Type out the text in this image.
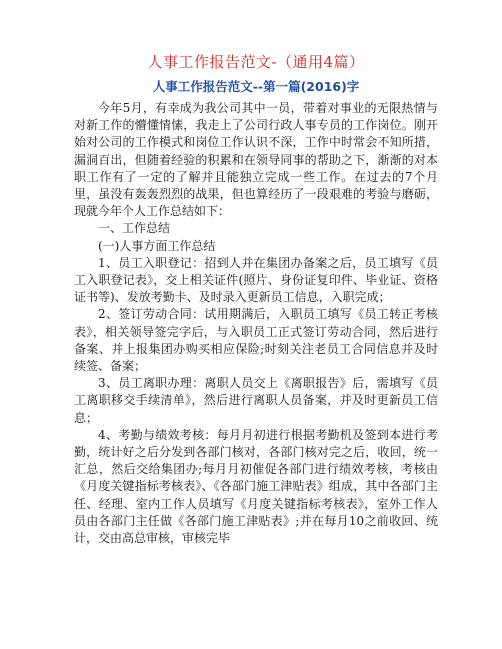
人事工作报告范文-（通用4篇）
人事工作报告范文--第一篇(2016)字

今年5月，有幸成为我公司其中一员，带着对事业的无限热情与对新工作的懵懂情愫，我走上了公司行政人事专员的工作岗位。刚开始对公司的工作模式和岗位工作认识不深，工作中时常会不知所措，漏洞百出，但随着经验的积累和在领导同事的帮助之下，渐渐的对本职工作有了一定的了解并且能独立完成一些工作。在过去的7个月里，虽没有轰轰烈烈的战果，但也算经历了一段艰难的考验与磨砺，现就今年个人工作总结如下：

一、工作总结

(一)人事方面工作总结

1、员工入职登记：招到人并在集团办备案之后，员工填写《员工入职登记表》，交上相关证件(照片、身份证复印件、毕业证、资格证书等)、发放考勤卡、及时录入更新员工信息，入职完成；

2、签订劳动合同：试用期满后，入职员工填写《员工转正考核表》，相关领导签完字后，与入职员工正式签订劳动合同，然后进行备案、并上报集团办购买相应保险;时刻关注老员工合同信息并及时续签、备案；

3、员工离职办理：离职人员交上《离职报告》后，需填写《员工离职移交手续清单》，然后进行离职人员备案，并及时更新员工信息；

4、考勤与绩效考核：每月月初进行根据考勤机及签到本进行考勤，统计好之后分发到各部门核对，各部门核对完之后，收回，统一汇总，然后交给集团办;每月月初催促各部门进行绩效考核，考核由《月度关键指标考核表》、《各部门施工津贴表》组成，其中各部门主任、经理、室内工作人员填写《月度关键指标考核表》，室外工作人员由各部门主任做《各部门施工津贴表》;并在每月10之前收回、统计，交由高总审核，审核完毕
